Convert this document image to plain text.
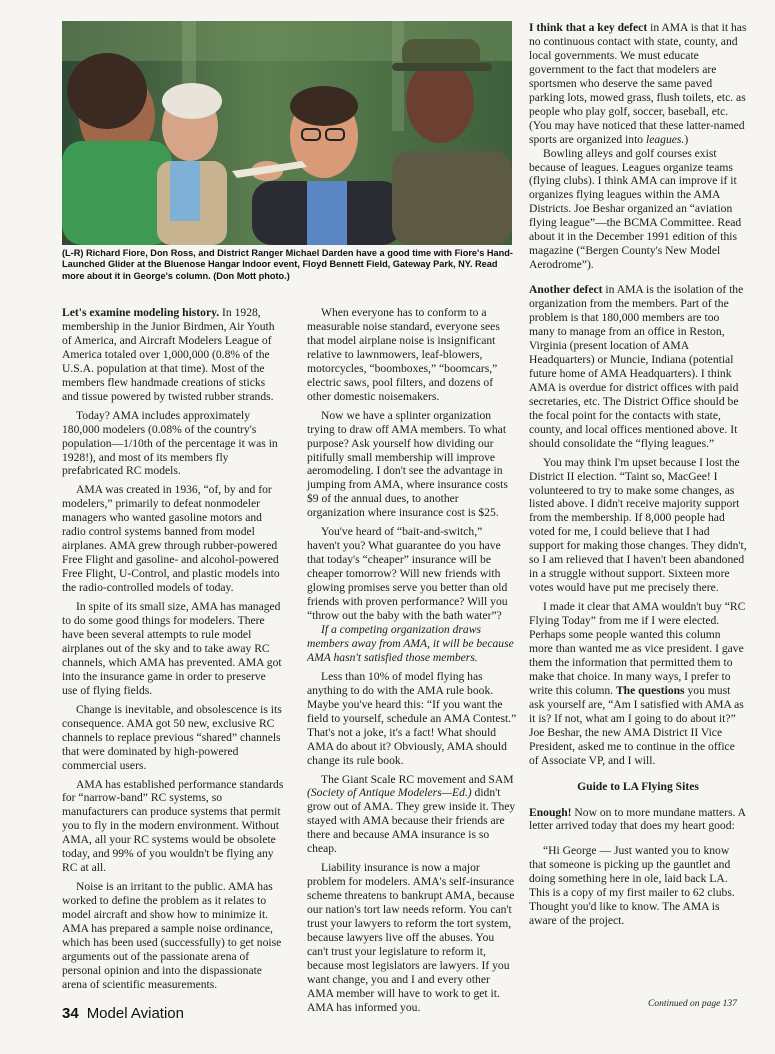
(L-R) Richard Fiore, Don Ross, and District Ranger Michael Darden have a good time with Fiore's Hand-Launched Glider at the Bluenose Hangar Indoor event, Floyd Bennett Field, Gateway Park, NY. Read more about it in George's column. (Don Mott photo.)

Let's examine modeling history. In 1928, membership in the Junior Birdmen, Air Youth of America, and Aircraft Modelers League of America totaled over 1,000,000 (0.8% of the U.S.A. population at that time). Most of the members flew handmade creations of sticks and tissue powered by twisted rubber strands.

Today? AMA includes approximately 180,000 modelers (0.08% of the country's population—1/10th of the percentage it was in 1928!), and most of its members fly prefabricated RC models.

AMA was created in 1936, “of, by and for modelers,” primarily to defeat nonmodeler managers who wanted gasoline motors and radio control systems banned from model airplanes. AMA grew through rubber-powered Free Flight and gasoline- and alcohol-powered Free Flight, U-Control, and plastic models into the radio-controlled models of today.

In spite of its small size, AMA has managed to do some good things for modelers. There have been several attempts to rule model airplanes out of the sky and to take away RC channels, which AMA has prevented. AMA got into the insurance game in order to preserve use of flying fields.

Change is inevitable, and obsolescence is its consequence. AMA got 50 new, exclusive RC channels to replace previous “shared” channels that were dominated by high-powered commercial users.

AMA has established performance standards for “narrow-band” RC systems, so manufacturers can produce systems that permit you to fly in the modern environment. Without AMA, all your RC systems would be obsolete today, and 99% of you wouldn't be flying any RC at all.

Noise is an irritant to the public. AMA has worked to define the problem as it relates to model aircraft and show how to minimize it. AMA has prepared a sample noise ordinance, which has been used (successfully) to get noise arguments out of the passionate arena of personal opinion and into the dispassionate arena of scientific measurements.

When everyone has to conform to a measurable noise standard, everyone sees that model airplane noise is insignificant relative to lawnmowers, leaf-blowers, motorcycles, “boomboxes,” “boomcars,” electric saws, pool filters, and dozens of other domestic noisemakers.

Now we have a splinter organization trying to draw off AMA members. To what purpose? Ask yourself how dividing our pitifully small membership will improve aeromodeling. I don't see the advantage in jumping from AMA, where insurance costs $9 of the annual dues, to another organization where insurance cost is $25.

You've heard of “bait-and-switch,” haven't you? What guarantee do you have that today's “cheaper” insurance will be cheaper tomorrow? Will new friends with glowing promises serve you better than old friends with proven performance? Will you “throw out the baby with the bath water”?

If a competing organization draws members away from AMA, it will be because AMA hasn't satisfied those members.

Less than 10% of model flying has anything to do with the AMA rule book. Maybe you've heard this: “If you want the field to yourself, schedule an AMA Contest.” That's not a joke, it's a fact! What should AMA do about it? Obviously, AMA should change its rule book.

The Giant Scale RC movement and SAM (Society of Antique Modelers—Ed.) didn't grow out of AMA. They grew inside it. They stayed with AMA because their friends are there and because AMA insurance is so cheap.

Liability insurance is now a major problem for modelers. AMA's self-insurance scheme threatens to bankrupt AMA, because our nation's tort law needs reform. You can't trust your lawyers to reform the tort system, because lawyers live off the abuses. You can't trust your legislature to reform it, because most legislators are lawyers. If you want change, you and I and every other AMA member will have to work to get it. AMA has informed you.

I think that a key defect in AMA is that it has no continuous contact with state, county, and local governments. We must educate government to the fact that modelers are sportsmen who deserve the same paved parking lots, mowed grass, flush toilets, etc. as people who play golf, soccer, baseball, etc. (You may have noticed that these latter-named sports are organized into leagues.)

Bowling alleys and golf courses exist because of leagues. Leagues organize teams (flying clubs). I think AMA can improve if it organizes flying leagues within the AMA Districts. Joe Beshar organized an “aviation flying league”—the BCMA Committee. Read about it in the December 1991 edition of this magazine (“Bergen County's New Model Aerodrome”).

Another defect in AMA is the isolation of the organization from the members. Part of the problem is that 180,000 members are too many to manage from an office in Reston, Virginia (present location of AMA Headquarters) or Muncie, Indiana (potential future home of AMA Headquarters). I think AMA is overdue for district offices with paid secretaries, etc. The District Office should be the focal point for the contacts with state, county, and local offices mentioned above. It should consolidate the “flying leagues.”

You may think I'm upset because I lost the District II election. “Taint so, MacGee! I volunteered to try to make some changes, as listed above. I didn't receive majority support from the membership. If 8,000 people had voted for me, I could believe that I had support for making those changes. They didn't, so I am relieved that I haven't been abandoned in a struggle without support. Sixteen more votes would have put me precisely there.

I made it clear that AMA wouldn't buy “RC Flying Today” from me if I were elected. Perhaps some people wanted this column more than wanted me as vice president. I gave them the information that permitted them to make that choice. In many ways, I prefer to write this column. The questions you must ask yourself are, “Am I satisfied with AMA as it is? If not, what am I going to do about it?” Joe Beshar, the new AMA District II Vice President, asked me to continue in the office of Associate VP, and I will.

Guide to LA Flying Sites

Enough! Now on to more mundane matters. A letter arrived today that does my heart good:

“Hi George — Just wanted you to know that someone is picking up the gauntlet and doing something here in ole, laid back LA. This is a copy of my first mailer to 62 clubs. Thought you'd like to know. The AMA is aware of the project.

Continued on page 137
34 Model Aviation
